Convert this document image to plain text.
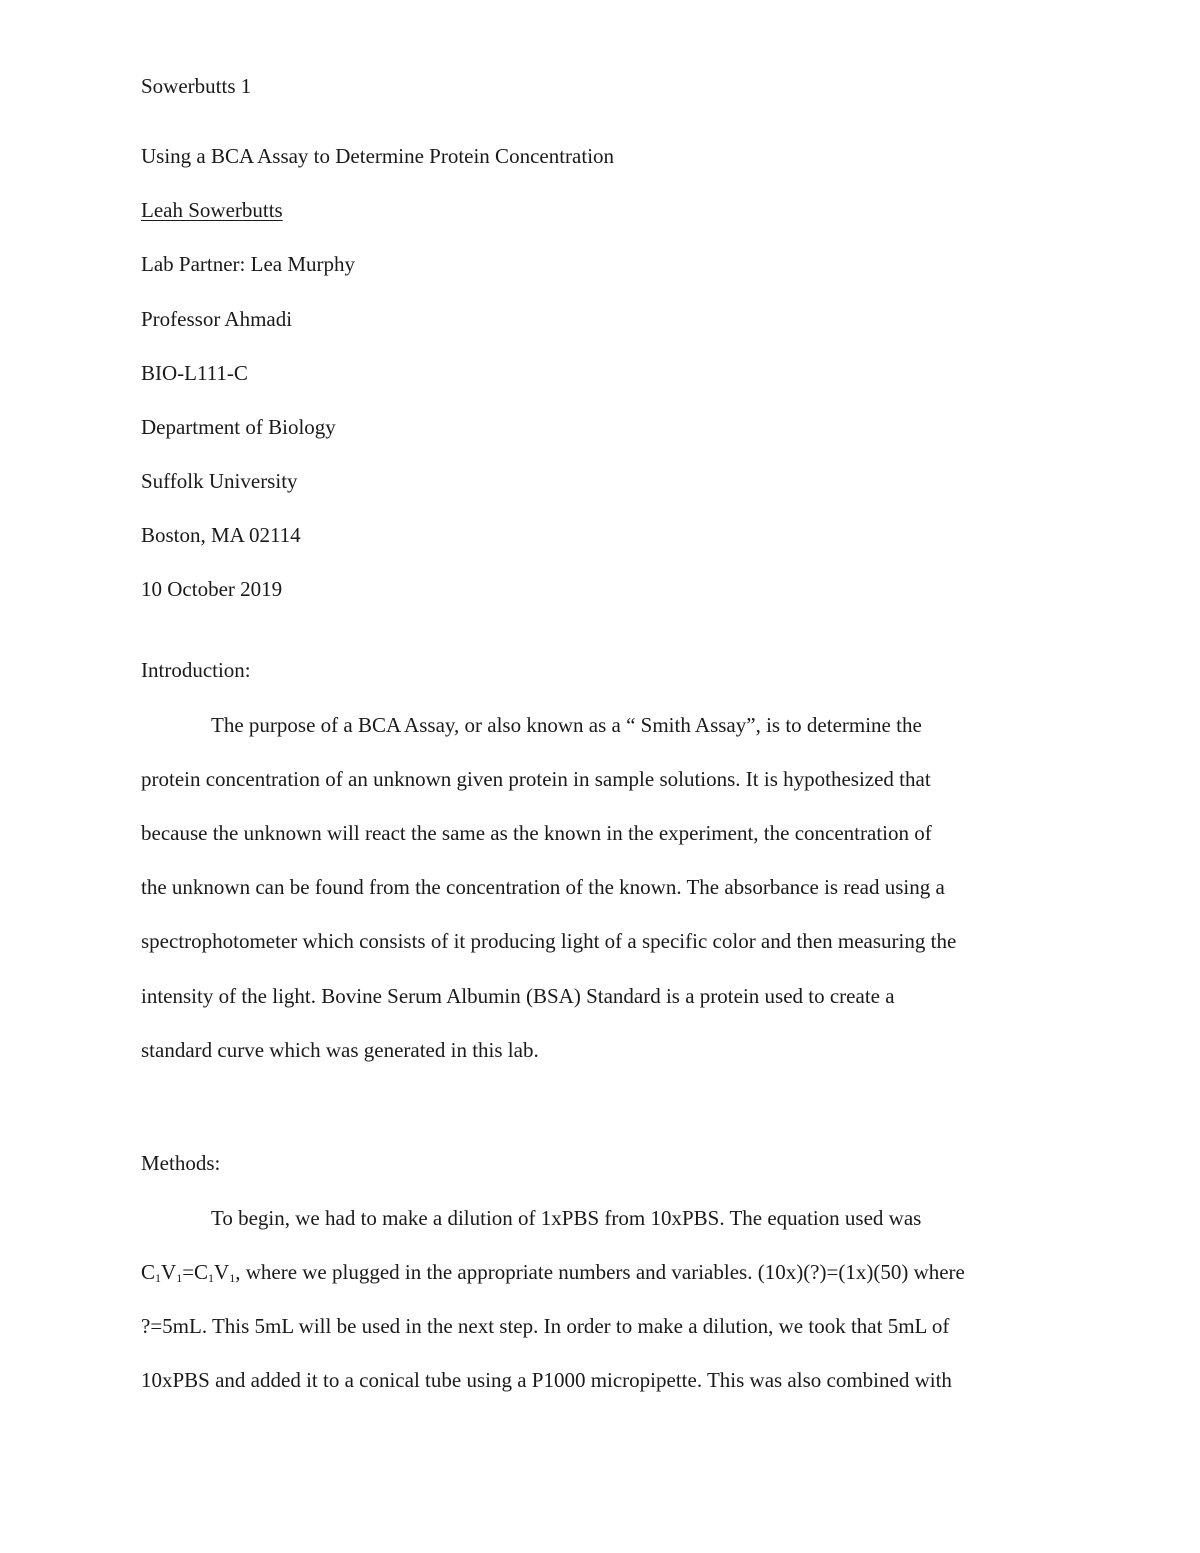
Sowerbutts 1
Using a BCA Assay to Determine Protein Concentration
Leah Sowerbutts
Lab Partner: Lea Murphy
Professor Ahmadi
BIO-L111-C
Department of Biology
Suffolk University
Boston, MA 02114
10 October 2019
Introduction:
The purpose of a BCA Assay, or also known as a “ Smith Assay”, is to determine the
protein concentration of an unknown given protein in sample solutions. It is hypothesized that
because the unknown will react the same as the known in the experiment, the concentration of
the unknown can be found from the concentration of the known. The absorbance is read using a
spectrophotometer which consists of it producing light of a specific color and then measuring the
intensity of the light. Bovine Serum Albumin (BSA) Standard is a protein used to create a
standard curve which was generated in this lab.
Methods:
To begin, we had to make a dilution of 1xPBS from 10xPBS. The equation used was
$C_1V_1=C_1V_1$, where we plugged in the appropriate numbers and variables. (10x)(?)=(1x)(50) where
?=5mL. This 5mL will be used in the next step. In order to make a dilution, we took that 5mL of
10xPBS and added it to a conical tube using a P1000 micropipette. This was also combined with
